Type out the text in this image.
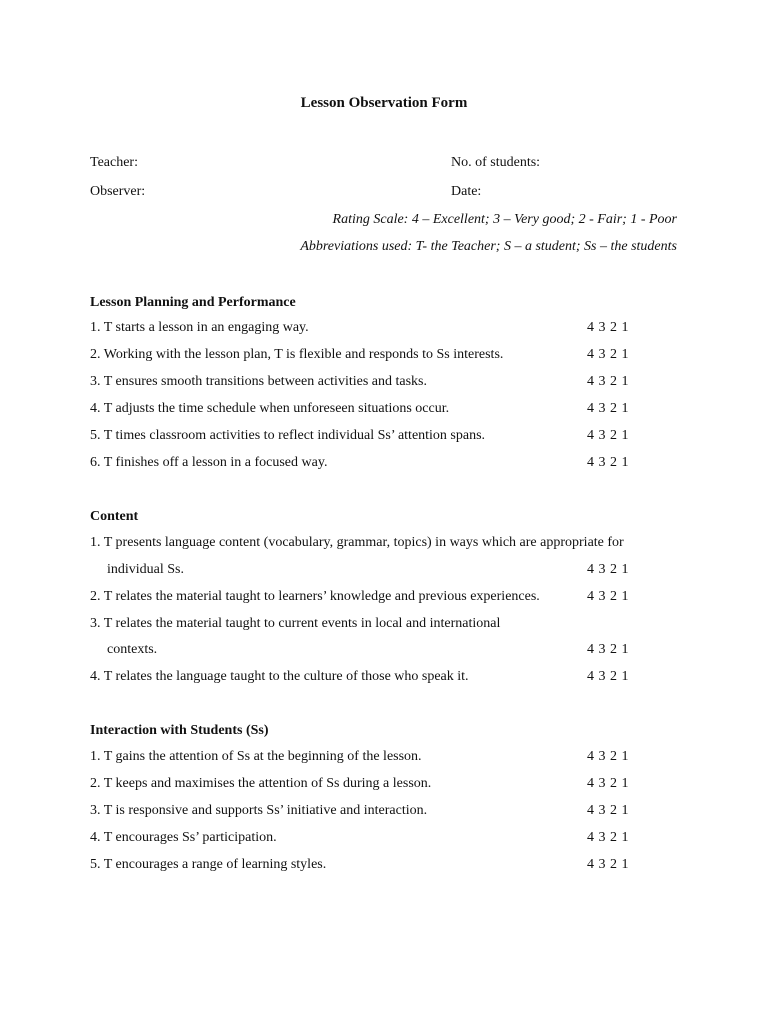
Lesson Observation Form
Teacher:	No. of students:
Observer:	Date:
Rating Scale: 4 – Excellent; 3 – Very good; 2 - Fair; 1 - Poor
Abbreviations used: T- the Teacher; S – a student; Ss – the students
Lesson Planning and Performance
1. T starts a lesson in an engaging way.	4 3 2 1
2. Working with the lesson plan, T is flexible and responds to Ss interests.	4 3 2 1
3. T ensures smooth transitions between activities and tasks.	4 3 2 1
4. T adjusts the time schedule when unforeseen situations occur.	4 3 2 1
5. T times classroom activities to reflect individual Ss’ attention spans.	4 3 2 1
6. T finishes off a lesson in a focused way.	4 3 2 1
Content
1. T presents language content (vocabulary, grammar, topics) in ways which are appropriate for
individual Ss.	4 3 2 1
2. T relates the material taught to learners’ knowledge and previous experiences.	4 3 2 1
3. T relates the material taught to current events in local and international
contexts.	4 3 2 1
4. T relates the language taught to the culture of those who speak it.	4 3 2 1
Interaction with Students (Ss)
1. T gains the attention of Ss at the beginning of the lesson.	4 3 2 1
2. T keeps and maximises the attention of Ss during a lesson.	4 3 2 1
3. T is responsive and supports Ss’ initiative and interaction.	4 3 2 1
4. T encourages Ss’ participation.	4 3 2 1
5. T encourages a range of learning styles.	4 3 2 1
